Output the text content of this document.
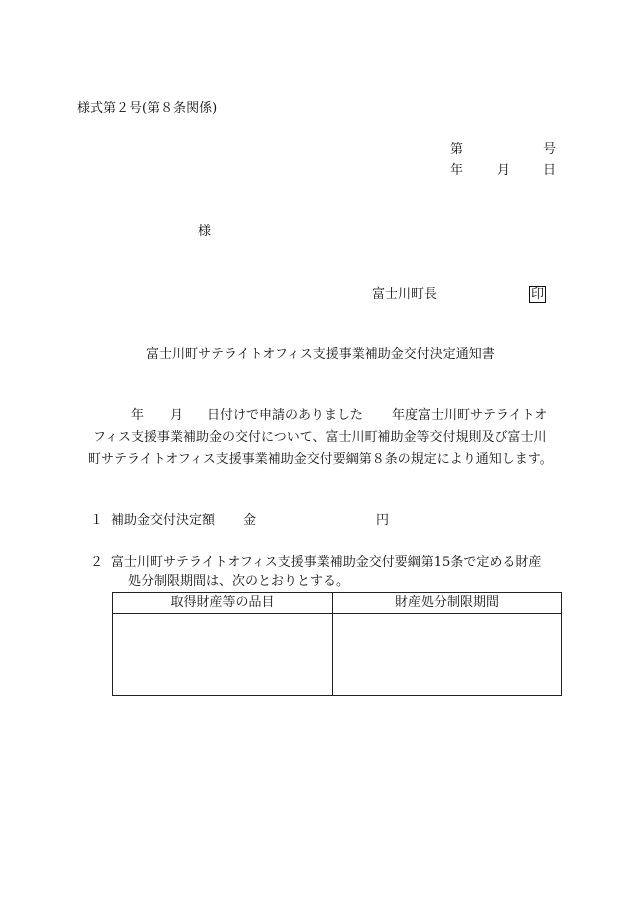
様式第２号(第８条関係)
第	号
年	月	日
様
富士川町長	印
富士川町サテライトオフィス支援事業補助金交付決定通知書
年 月 日付けで申請のありました 年度富士川町サテライトオ
フィス支援事業補助金の交付について、富士川町補助金等交付規則及び富士川
町サテライトオフィス支援事業補助金交付要綱第８条の規定により通知します。
１ 補助金交付決定額 金	円
２ 富士川町サテライトオフィス支援事業補助金交付要綱第15条で定める財産
処分制限期間は、次のとおりとする。
取得財産等の品目	財産処分制限期間
